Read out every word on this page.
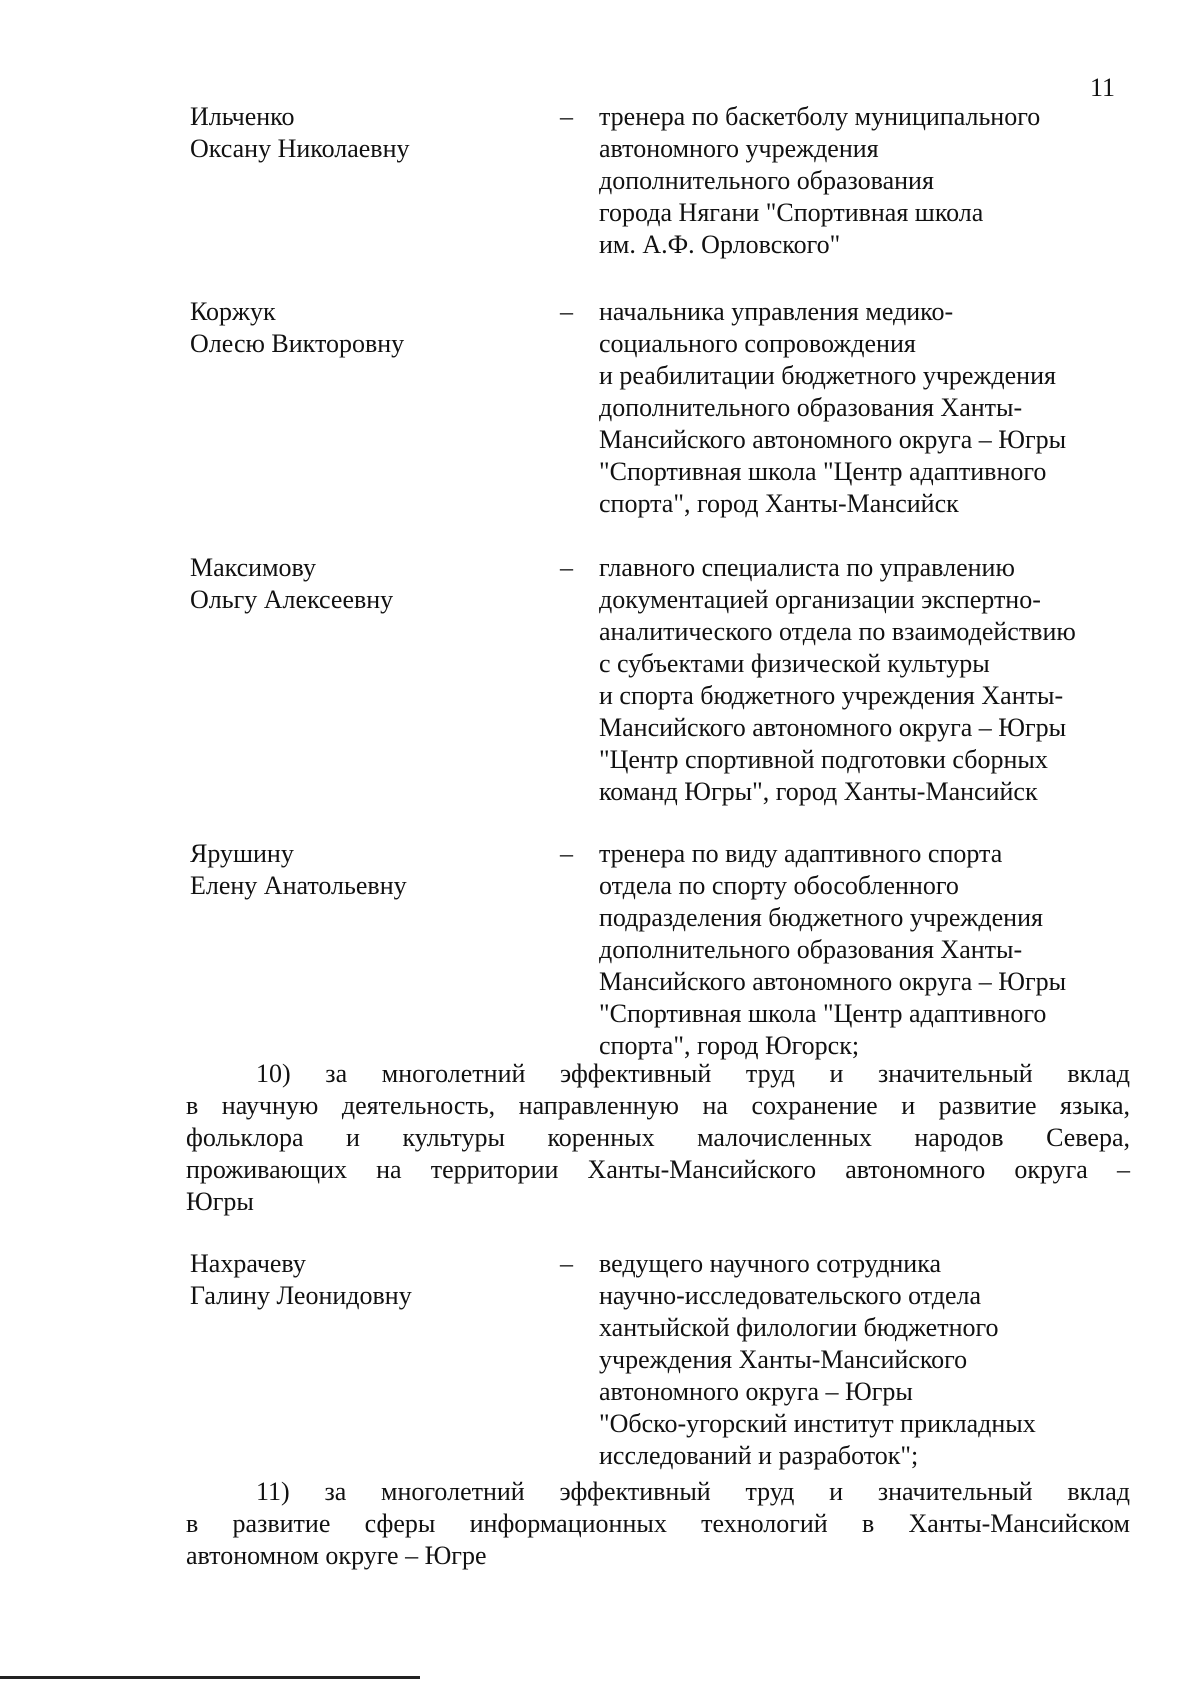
11
Ильченко
Оксану Николаевну
– тренера по баскетболу муниципального
автономного учреждения
дополнительного образования
города Нягани "Спортивная школа
им. А.Ф. Орловского"
Коржук
Олесю Викторовну
– начальника управления медико-
социального сопровождения
и реабилитации бюджетного учреждения
дополнительного образования Ханты-
Мансийского автономного округа – Югры
"Спортивная школа "Центр адаптивного
спорта", город Ханты-Мансийск
Максимову
Ольгу Алексеевну
– главного специалиста по управлению
документацией организации экспертно-
аналитического отдела по взаимодействию
с субъектами физической культуры
и спорта бюджетного учреждения Ханты-
Мансийского автономного округа – Югры
"Центр спортивной подготовки сборных
команд Югры", город Ханты-Мансийск
Ярушину
Елену Анатольевну
– тренера по виду адаптивного спорта
отдела по спорту обособленного
подразделения бюджетного учреждения
дополнительного образования Ханты-
Мансийского автономного округа – Югры
"Спортивная школа "Центр адаптивного
спорта", город Югорск;
10) за многолетний эффективный труд и значительный вклад
в научную деятельность, направленную на сохранение и развитие языка,
фольклора и культуры коренных малочисленных народов Севера,
проживающих на территории Ханты-Мансийского автономного округа –
Югры
Нахрачеву
Галину Леонидовну
– ведущего научного сотрудника
научно-исследовательского отдела
хантыйской филологии бюджетного
учреждения Ханты-Мансийского
автономного округа – Югры
"Обско-угорский институт прикладных
исследований и разработок";
11) за многолетний эффективный труд и значительный вклад
в развитие сферы информационных технологий в Ханты-Мансийском
автономном округе – Югре
